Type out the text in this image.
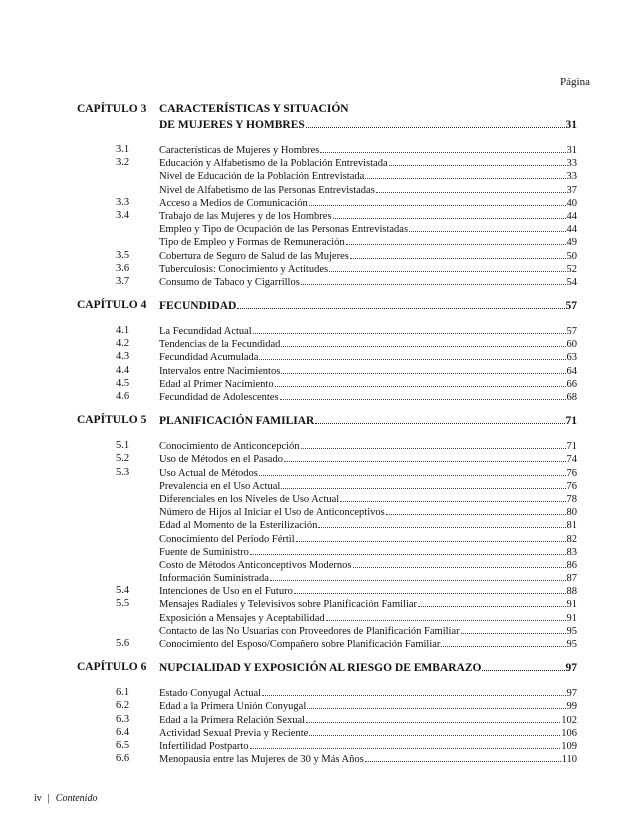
Página
CAPÍTULO 3	CARACTERÍSTICAS Y SITUACIÓN
DE MUJERES Y HOMBRES	31
3.1	Características de Mujeres y Hombres	31
3.2	Educación y Alfabetismo de la Población Entrevistada	33
Nivel de Educación de la Población Entrevistada	33
Nivel de Alfabetismo de las Personas Entrevistadas	37
3.3	Acceso a Medios de Comunicación	40
3.4	Trabajo de las Mujeres y de los Hombres	44
Empleo y Tipo de Ocupación de las Personas Entrevistadas	44
Tipo de Empleo y Formas de Remuneración	49
3.5	Cobertura de Seguro de Salud de las Mujeres	50
3.6	Tuberculosis: Conocimiento y Actitudes	52
3.7	Consumo de Tabaco y Cigarrillos	54
CAPÍTULO 4	FECUNDIDAD	57
4.1	La Fecundidad Actual	57
4.2	Tendencias de la Fecundidad	60
4.3	Fecundidad Acumulada	63
4.4	Intervalos entre Nacimientos	64
4.5	Edad al Primer Nacimiento	66
4.6	Fecundidad de Adolescentes	68
CAPÍTULO 5	PLANIFICACIÓN FAMILIAR	71
5.1	Conocimiento de Anticoncepción	71
5.2	Uso de Métodos en el Pasado	74
5.3	Uso Actual de Métodos	76
Prevalencia en el Uso Actual	76
Diferenciales en los Niveles de Uso Actual	78
Número de Hijos al Iniciar el Uso de Anticonceptivos	80
Edad al Momento de la Esterilización	81
Conocimiento del Período Fértil	82
Fuente de Suministro	83
Costo de Métodos Anticonceptivos Modernos	86
Información Suministrada	87
5.4	Intenciones de Uso en el Futuro	88
5.5	Mensajes Radiales y Televisivos sobre Planificación Familiar	91
Exposición a Mensajes y Aceptabilidad	91
Contacto de las No Usuarias con Proveedores de Planificación Familiar	95
5.6	Conocimiento del Esposo/Compañero sobre Planificación Familiar	95
CAPÍTULO 6	NUPCIALIDAD Y EXPOSICIÓN AL RIESGO DE EMBARAZO	97
6.1	Estado Conyugal Actual	97
6.2	Edad a la Primera Unión Conyugal	99
6.3	Edad a la Primera Relación Sexual	102
6.4	Actividad Sexual Previa y Reciente	106
6.5	Infertilidad Postparto	109
6.6	Menopausia entre las Mujeres de 30 y Más Años	110
iv | Contenido
